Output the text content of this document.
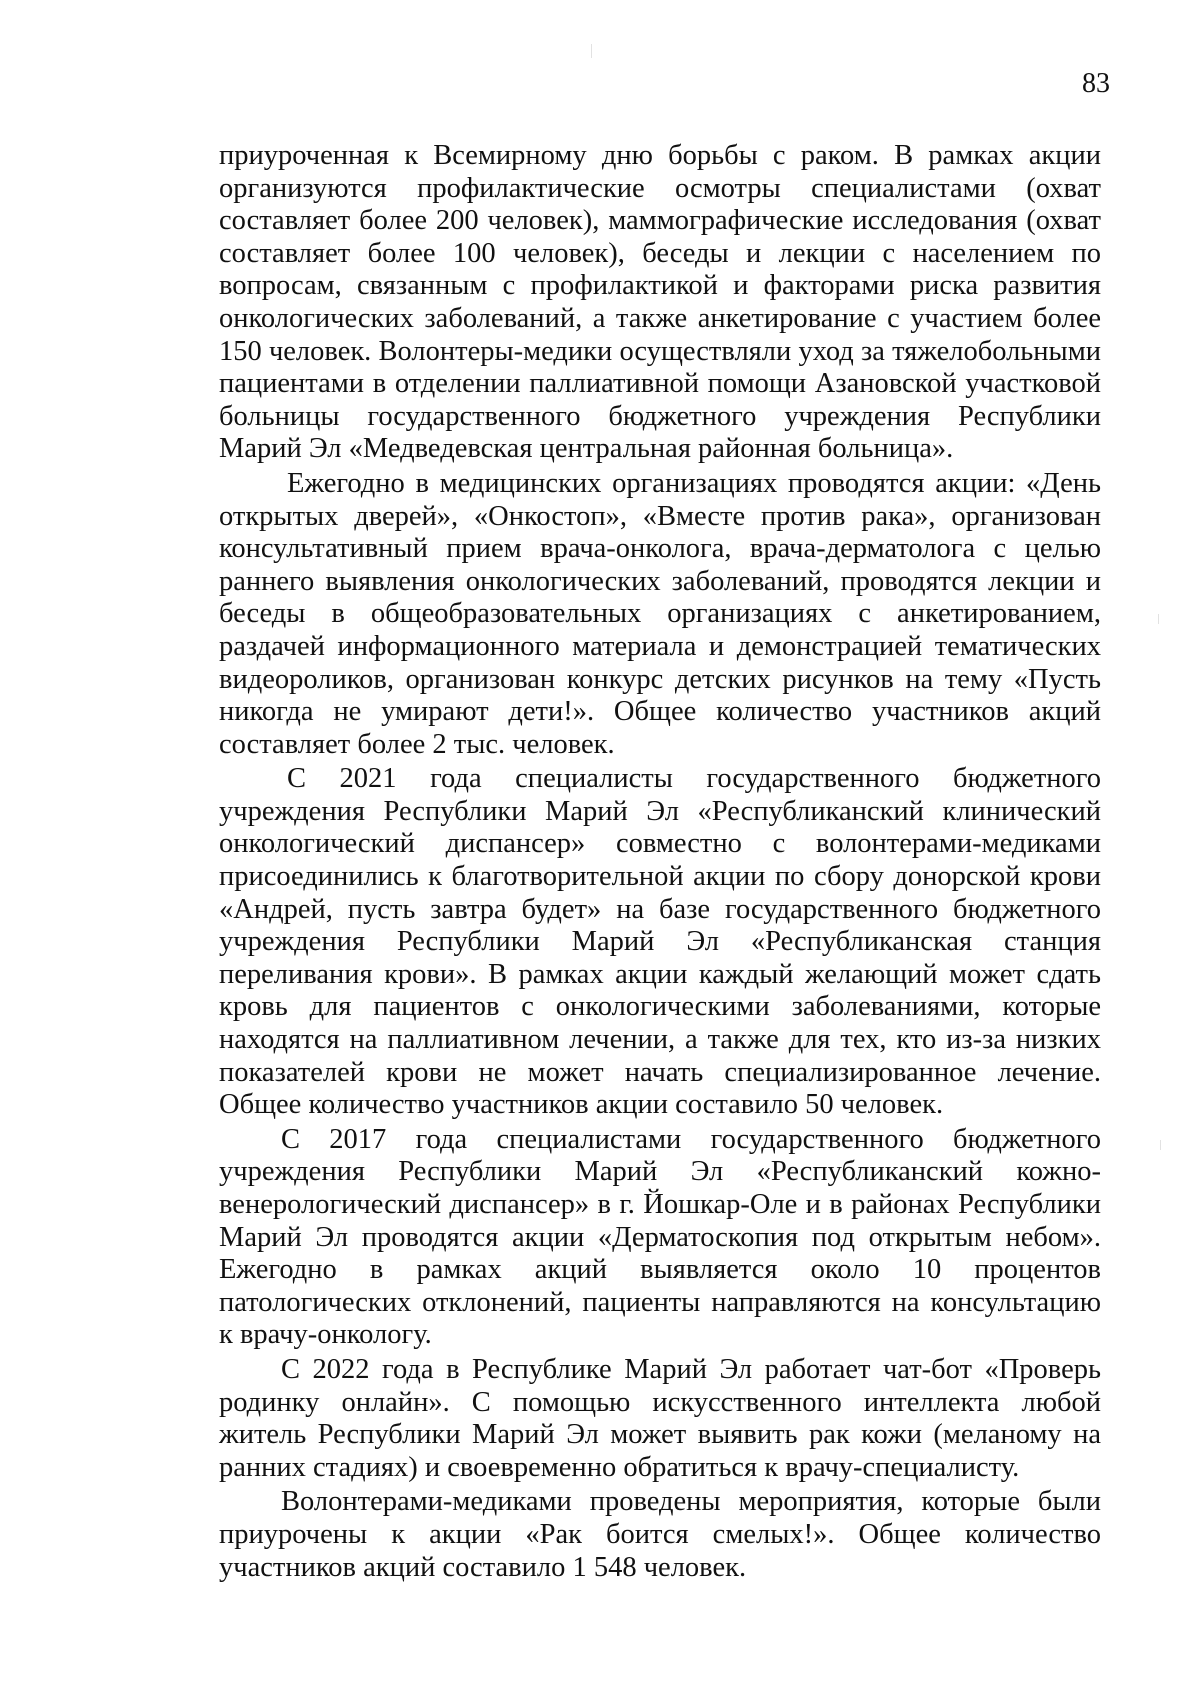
83

приуроченная к Всемирному дню борьбы с раком. В рамках акции организуются профилактические осмотры специалистами (охват составляет более 200 человек), маммографические исследования (охват составляет более 100 человек), беседы и лекции с населением по вопросам, связанным с профилактикой и факторами риска развития онкологических заболеваний, а также анкетирование с участием более 150 человек. Волонтеры-медики осуществляли уход за тяжелобольными пациентами в отделении паллиативной помощи Азановской участковой больницы государственного бюджетного учреждения Республики Марий Эл «Медведевская центральная районная больница».

Ежегодно в медицинских организациях проводятся акции: «День открытых дверей», «Онкостоп», «Вместе против рака», организован консультативный прием врача-онколога, врача-дерматолога с целью раннего выявления онкологических заболеваний, проводятся лекции и беседы в общеобразовательных организациях с анкетированием, раздачей информационного материала и демонстрацией тематических видеороликов, организован конкурс детских рисунков на тему «Пусть никогда не умирают дети!». Общее количество участников акций составляет более 2 тыс. человек.

С 2021 года специалисты государственного бюджетного учреждения Республики Марий Эл «Республиканский клинический онкологический диспансер» совместно с волонтерами-медиками присоединились к благотворительной акции по сбору донорской крови «Андрей, пусть завтра будет» на базе государственного бюджетного учреждения Республики Марий Эл «Республиканская станция переливания крови». В рамках акции каждый желающий может сдать кровь для пациентов с онкологическими заболеваниями, которые находятся на паллиативном лечении, а также для тех, кто из-за низких показателей крови не может начать специализированное лечение. Общее количество участников акции составило 50 человек.

С 2017 года специалистами государственного бюджетного учреждения Республики Марий Эл «Республиканский кожно-венерологический диспансер» в г. Йошкар-Оле и в районах Республики Марий Эл проводятся акции «Дерматоскопия под открытым небом». Ежегодно в рамках акций выявляется около 10 процентов патологических отклонений, пациенты направляются на консультацию к врачу-онкологу.

С 2022 года в Республике Марий Эл работает чат-бот «Проверь родинку онлайн». С помощью искусственного интеллекта любой житель Республики Марий Эл может выявить рак кожи (меланому на ранних стадиях) и своевременно обратиться к врачу-специалисту.

Волонтерами-медиками проведены мероприятия, которые были приурочены к акции «Рак боится смелых!». Общее количество участников акций составило 1 548 человек.
